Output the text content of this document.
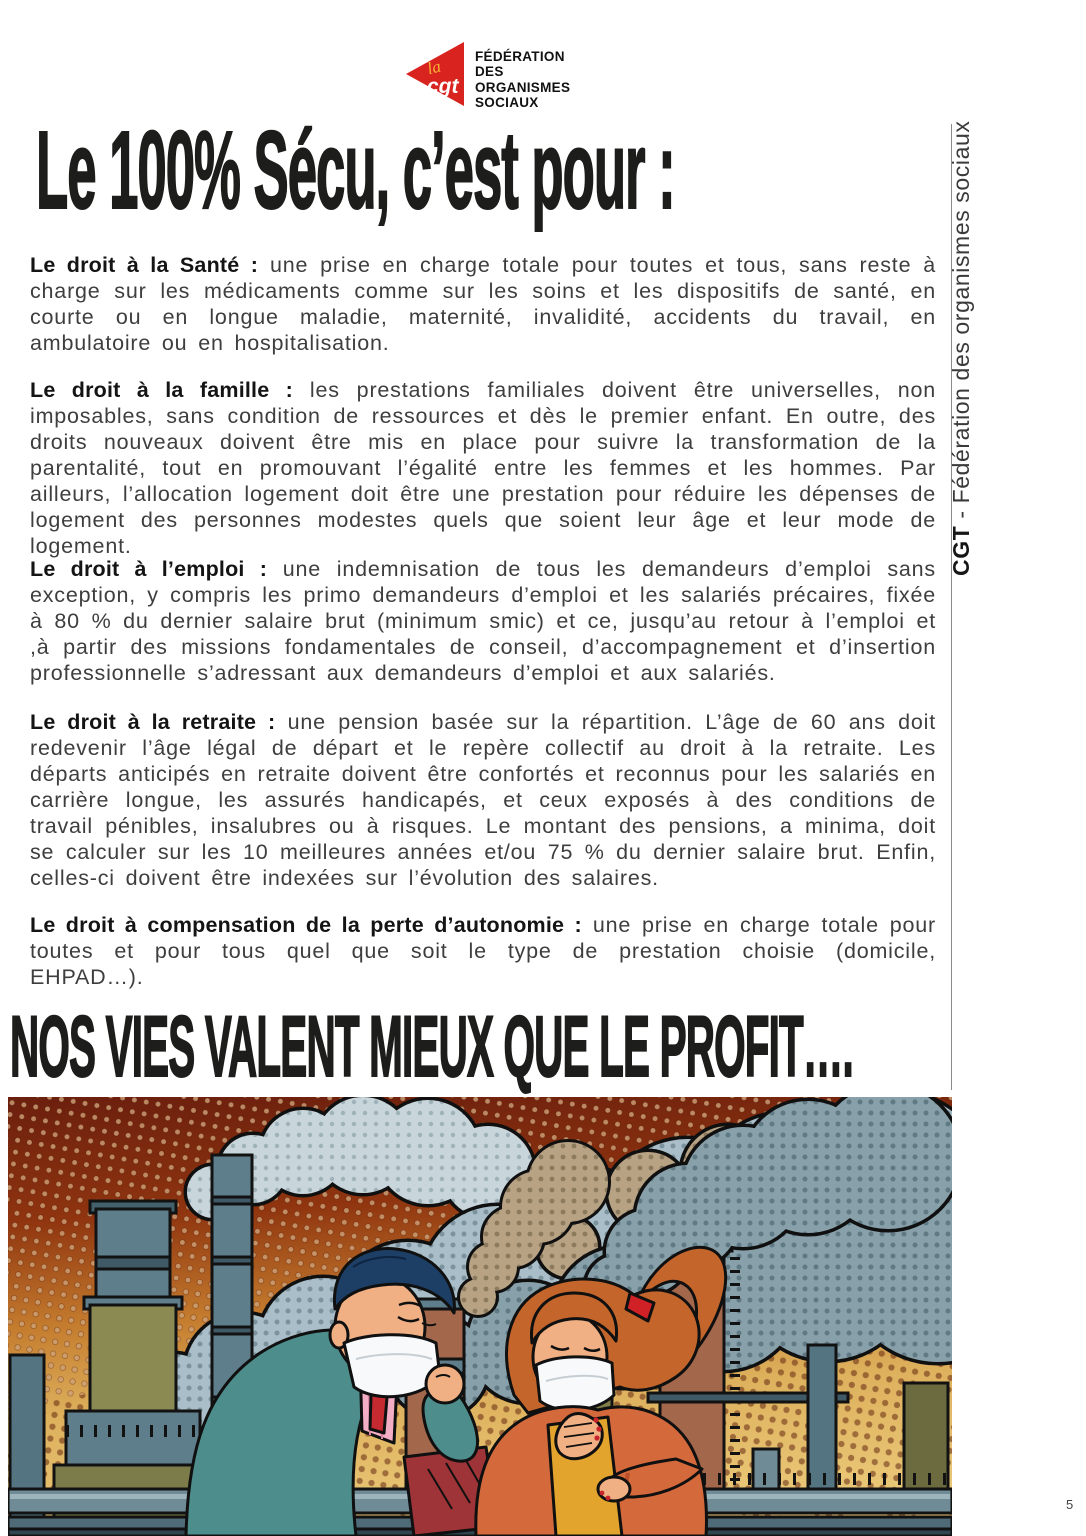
la
cgt
FÉDÉRATION
DES
ORGANISMES
SOCIAUX
Le 100% Sécu, c’est pour :

Le droit à la Santé : une prise en charge totale pour toutes et tous, sans reste à charge sur les médicaments comme sur les soins et les dispositifs de santé, en courte ou en longue maladie, maternité, invalidité, accidents du travail, en ambulatoire ou en hospitalisation.

Le droit à la famille : les prestations familiales doivent être universelles, non imposables, sans condition de ressources et dès le premier enfant. En outre, des droits nouveaux doivent être mis en place pour suivre la transformation de la parentalité, tout en promouvant l’égalité entre les femmes et les hommes. Par ailleurs, l’allocation logement doit être une prestation pour réduire les dépenses de logement des personnes modestes quels que soient leur âge et leur mode de logement.

Le droit à l’emploi : une indemnisation de tous les demandeurs d’emploi sans exception, y compris les primo demandeurs d’emploi et les salariés précaires, fixée à 80 % du dernier salaire brut (minimum smic) et ce, jusqu’au retour à l’emploi et ,à partir des missions fondamentales de conseil, d’accompagnement et d’insertion professionnelle s’adressant aux demandeurs d’emploi et aux salariés.

Le droit à la retraite : une pension basée sur la répartition. L’âge de 60 ans doit redevenir l’âge légal de départ et le repère collectif au droit à la retraite. Les départs anticipés en retraite doivent être confortés et reconnus pour les salariés en carrière longue, les assurés handicapés, et ceux exposés à des conditions de travail pénibles, insalubres ou à risques. Le montant des pensions, a minima, doit se calculer sur les 10 meilleures années et/ou 75 % du dernier salaire brut. Enfin, celles-ci doivent être indexées sur l’évolution des salaires.

Le droit à compensation de la perte d’autonomie : une prise en charge totale pour toutes et pour tous quel que soit le type de prestation choisie (domicile, EHPAD…).

NOS VIES VALENT MIEUX QUE LE PROFIT….
CGT - Fédération des organismes sociaux
5
